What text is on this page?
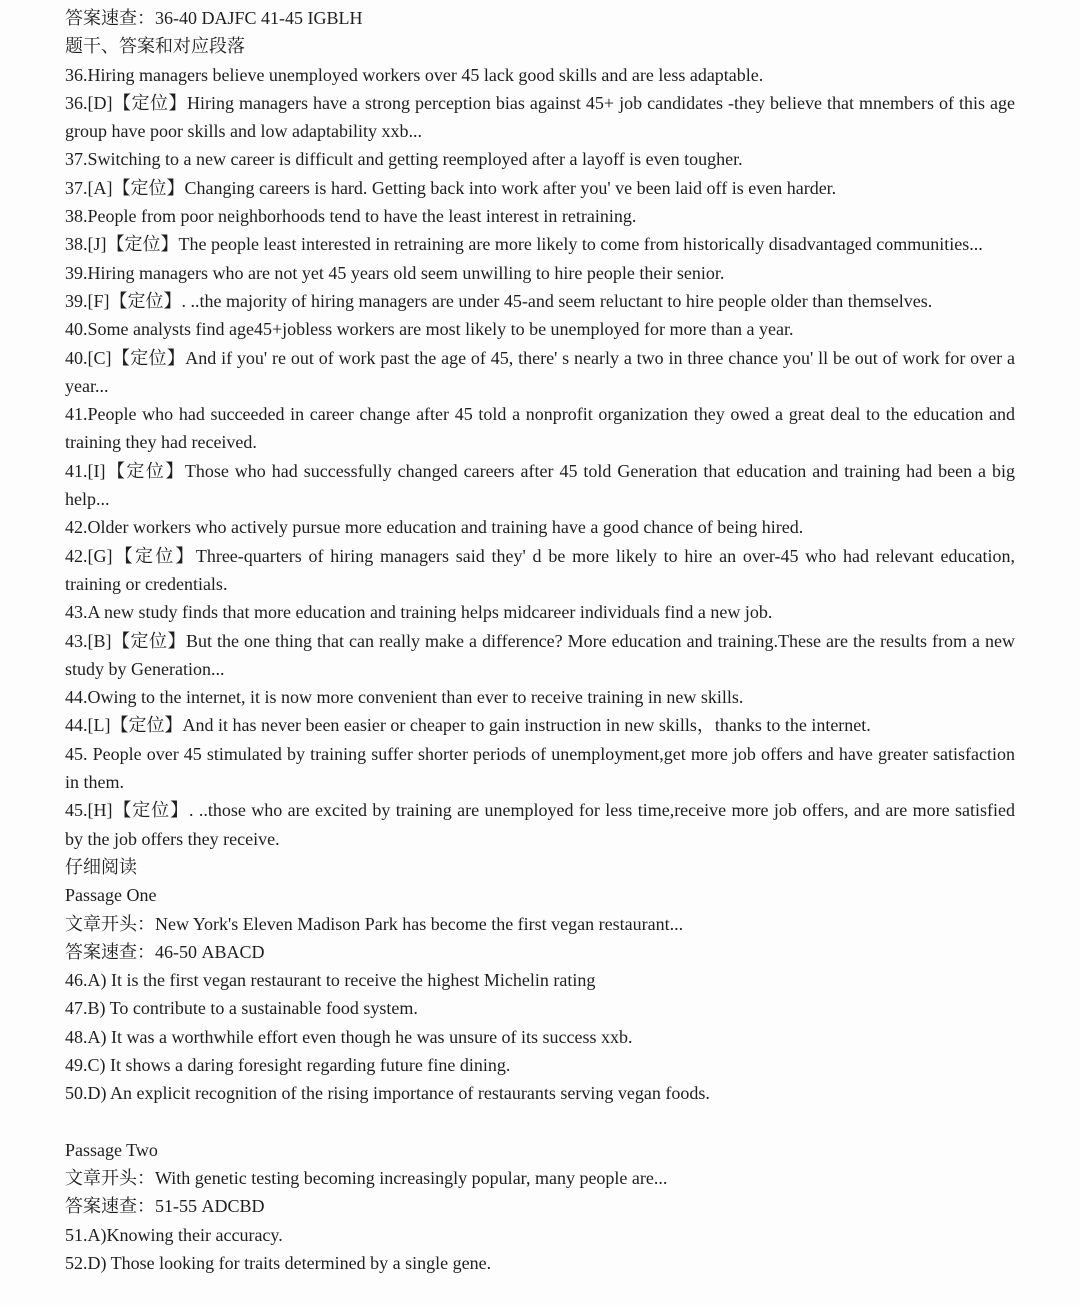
答案速查：36-40 DAJFC 41-45 IGBLH
题干、答案和对应段落
36.Hiring managers believe unemployed workers over 45 lack good skills and are less adaptable.
36.[D]【定位】Hiring managers have a strong perception bias against 45+ job candidates -they believe that mnembers of this age group have poor skills and low adaptability xxb...
37.Switching to a new career is difficult and getting reemployed after a layoff is even tougher.
37.[A]【定位】Changing careers is hard. Getting back into work after you' ve been laid off is even harder.
38.People from poor neighborhoods tend to have the least interest in retraining.
38.[J]【定位】The people least interested in retraining are more likely to come from historically disadvantaged communities...
39.Hiring managers who are not yet 45 years old seem unwilling to hire people their senior.
39.[F]【定位】. ..the majority of hiring managers are under 45-and seem reluctant to hire people older than themselves.
40.Some analysts find age45+jobless workers are most likely to be unemployed for more than a year.
40.[C]【定位】And if you' re out of work past the age of 45, there' s nearly a two in three chance you' ll be out of work for over a year...
41.People who had succeeded in career change after 45 told a nonprofit organization they owed a great deal to the education and training they had received.
41.[I]【定位】Those who had successfully changed careers after 45 told Generation that education and training had been a big help...
42.Older workers who actively pursue more education and training have a good chance of being hired.
42.[G]【定位】Three-quarters of hiring managers said they' d be more likely to hire an over-45 who had relevant education, training or credentials.
43.A new study finds that more education and training helps midcareer individuals find a new job.
43.[B]【定位】But the one thing that can really make a difference? More education and training.These are the results from a new study by Generation...
44.Owing to the internet, it is now more convenient than ever to receive training in new skills.
44.[L]【定位】And it has never been easier or cheaper to gain instruction in new skills，thanks to the internet.
45. People over 45 stimulated by training suffer shorter periods of unemployment,get more job offers and have greater satisfaction in them.
45.[H]【定位】. ..those who are excited by training are unemployed for less time,receive more job offers, and are more satisfied by the job offers they receive.
仔细阅读
Passage One
文章开头：New York's Eleven Madison Park has become the first vegan restaurant...
答案速查：46-50 ABACD
46.A) It is the first vegan restaurant to receive the highest Michelin rating
47.B) To contribute to a sustainable food system.
48.A) It was a worthwhile effort even though he was unsure of its success xxb.
49.C) It shows a daring foresight regarding future fine dining.
50.D) An explicit recognition of the rising importance of restaurants serving vegan foods.
Passage Two
文章开头：With genetic testing becoming increasingly popular, many people are...
答案速查：51-55 ADCBD
51.A)Knowing their accuracy.
52.D) Those looking for traits determined by a single gene.
